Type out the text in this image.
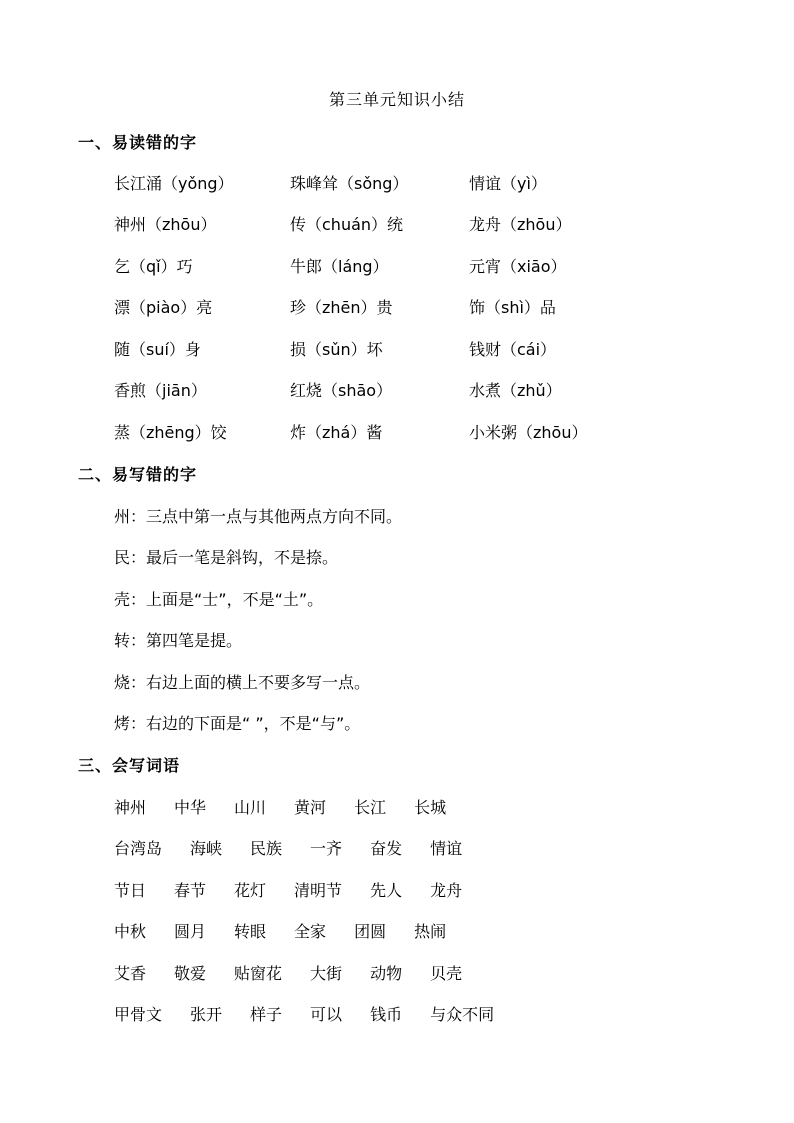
第三单元知识小结
一、易读错的字
长江涌（yǒng）	珠峰耸（sǒng）	情谊（yì）
神州（zhōu）	传（chuán）统	龙舟（zhōu）
乞（qǐ）巧	牛郎（láng）	元宵（xiāo）
漂（piào）亮	珍（zhēn）贵	饰（shì）品
随（suí）身	损（sǔn）坏	钱财（cái）
香煎（jiān）	红烧（shāo）	水煮（zhǔ）
蒸（zhēng）饺	炸（zhá）酱	小米粥（zhōu）
二、易写错的字
州：三点中第一点与其他两点方向不同。
民：最后一笔是斜钩，不是捺。
壳：上面是“士”，不是“土”。
转：第四笔是提。
烧：右边上面的横上不要多写一点。
烤：右边的下面是“ ”，不是“与”。
三、会写词语
神州 中华 山川 黄河 长江 长城
台湾岛 海峡 民族 一齐 奋发 情谊
节日 春节 花灯 清明节 先人 龙舟
中秋 圆月 转眼 全家 团圆 热闹
艾香 敬爱 贴窗花 大街 动物 贝壳
甲骨文 张开 样子 可以 钱币 与众不同
